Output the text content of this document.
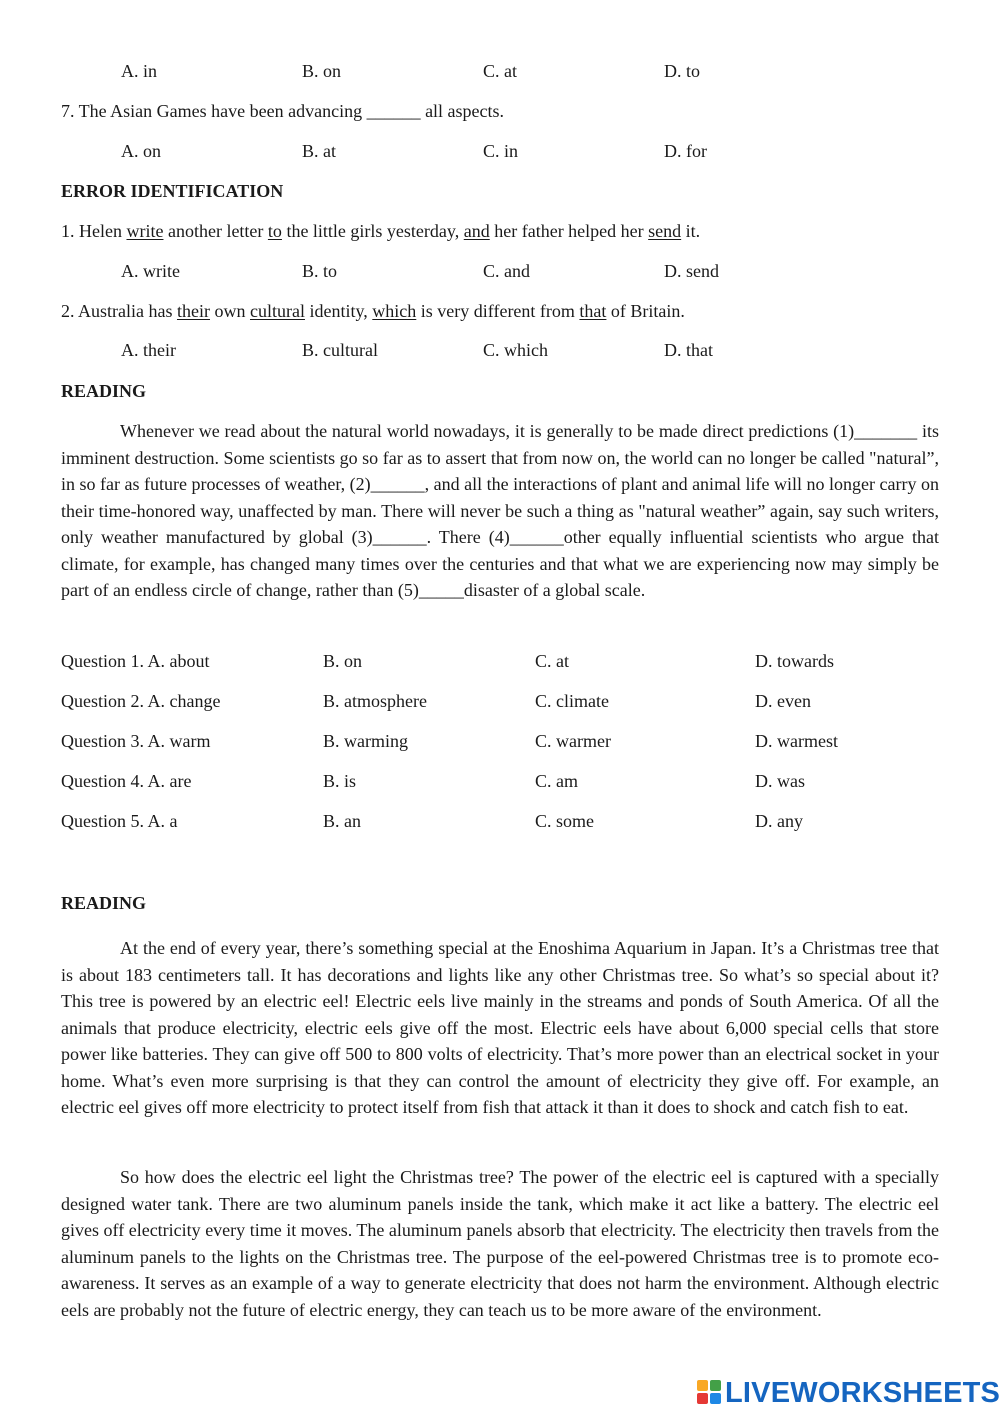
A. in	B. on	C. at	D. to
7. The Asian Games have been advancing ______ all aspects.
A. on	B. at	C. in	D. for
ERROR IDENTIFICATION
1. Helen write another letter to the little girls yesterday, and her father helped her send it.
A. write	B. to	C. and	D. send
2. Australia has their own cultural identity, which is very different from that of Britain.
A. their	B. cultural	C. which	D. that
READING
Whenever we read about the natural world nowadays, it is generally to be made direct predictions (1)_______ its imminent destruction. Some scientists go so far as to assert that from now on, the world can no longer be called "natural”, in so far as future processes of weather, (2)______, and all the interactions of plant and animal life will no longer carry on their time-honored way, unaffected by man. There will never be such a thing as "natural weather” again, say such writers, only weather manufactured by global (3)______. There (4)______other equally influential scientists who argue that climate, for example, has changed many times over the centuries and that what we are experiencing now may simply be part of an endless circle of change, rather than (5)_____disaster of a global scale.
Question 1. A. about	B. on	C. at	D. towards
Question 2. A. change	B. atmosphere	C. climate	D. even
Question 3. A. warm	B. warming	C. warmer	D. warmest
Question 4. A. are	B. is	C. am	D. was
Question 5. A. a	B. an	C. some	D. any
READING
At the end of every year, there’s something special at the Enoshima Aquarium in Japan. It’s a Christmas tree that is about 183 centimeters tall. It has decorations and lights like any other Christmas tree. So what’s so special about it? This tree is powered by an electric eel! Electric eels live mainly in the streams and ponds of South America. Of all the animals that produce electricity, electric eels give off the most. Electric eels have about 6,000 special cells that store power like batteries. They can give off 500 to 800 volts of electricity. That’s more power than an electrical socket in your home. What’s even more surprising is that they can control the amount of electricity they give off. For example, an electric eel gives off more electricity to protect itself from fish that attack it than it does to shock and catch fish to eat.
So how does the electric eel light the Christmas tree? The power of the electric eel is captured with a specially designed water tank. There are two aluminum panels inside the tank, which make it act like a battery. The electric eel gives off electricity every time it moves. The aluminum panels absorb that electricity. The electricity then travels from the aluminum panels to the lights on the Christmas tree. The purpose of the eel-powered Christmas tree is to promote eco-awareness. It serves as an example of a way to generate electricity that does not harm the environment. Although electric eels are probably not the future of electric energy, they can teach us to be more aware of the environment.
LIVEWORKSHEETS
